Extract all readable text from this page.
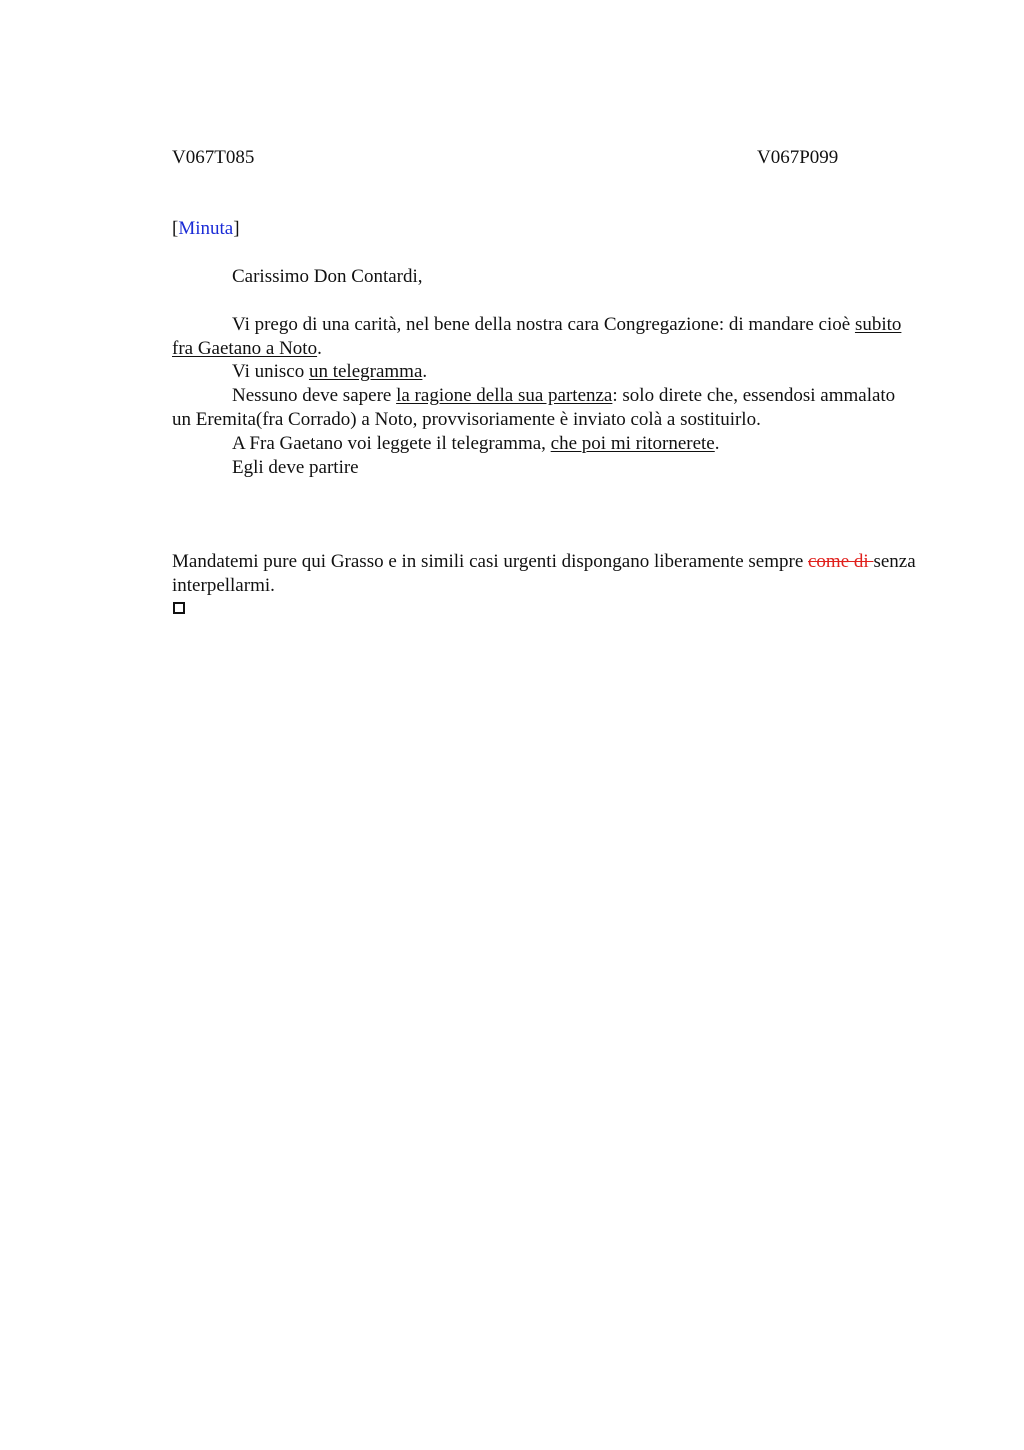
V067T085	V067P099
[Minuta]

Carissimo Don Contardi,

Vi prego di una carità, nel bene della nostra cara Congregazione: di mandare cioè subito fra Gaetano a Noto.

Vi unisco un telegramma.

Nessuno deve sapere la ragione della sua partenza: solo direte che, essendosi ammalato un Eremita(fra Corrado) a Noto, provvisoriamente è inviato colà a sostituirlo.

A Fra Gaetano voi leggete il telegramma, che poi mi ritornerete.

Egli deve partire

Mandatemi pure qui Grasso e in simili casi urgenti dispongano liberamente sempre come di senza interpellarmi.
